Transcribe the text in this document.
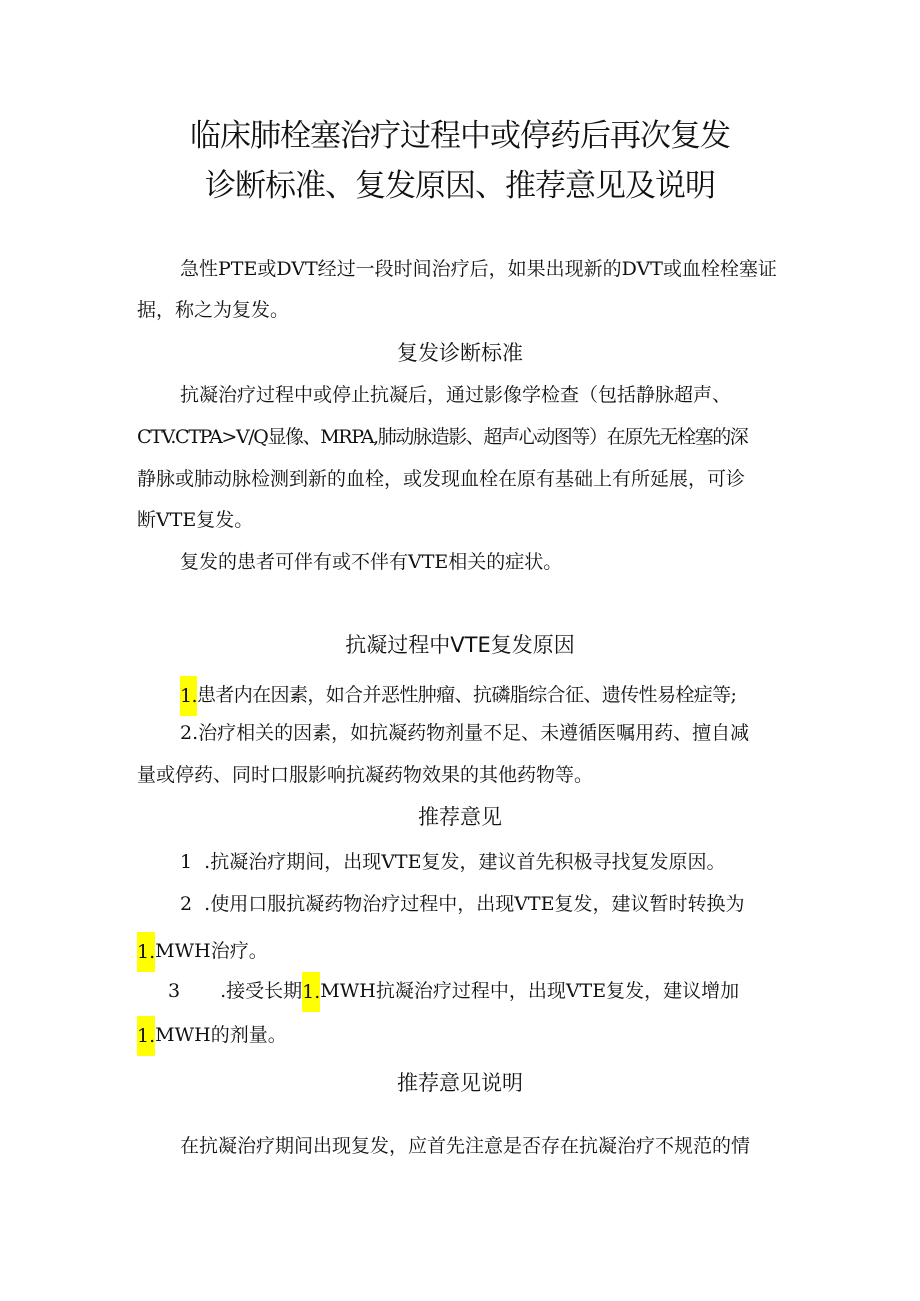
临床肺栓塞治疗过程中或停药后再次复发
诊断标准、复发原因、推荐意见及说明

急性PTE或DVT经过一段时间治疗后，如果出现新的DVT或血栓栓塞证

据，称之为复发。

复发诊断标准

抗凝治疗过程中或停止抗凝后，通过影像学检查（包括静脉超声、

CTV.CTPA>V/Q显像、MRPA,肺动脉造影、超声心动图等）在原先无栓塞的深

静脉或肺动脉检测到新的血栓，或发现血栓在原有基础上有所延展，可诊

断VTE复发。

复发的患者可伴有或不伴有VTE相关的症状。

抗凝过程中VTE复发原因

1.患者内在因素，如合并恶性肿瘤、抗磷脂综合征、遗传性易栓症等;

2.治疗相关的因素，如抗凝药物剂量不足、未遵循医嘱用药、擅自减

量或停药、同时口服影响抗凝药物效果的其他药物等。

推荐意见

1  .抗凝治疗期间，出现VTE复发，建议首先积极寻找复发原因。

2  .使用口服抗凝药物治疗过程中，出现VTE复发，建议暂时转换为

1.MWH治疗。

3 .接受长期1.MWH抗凝治疗过程中，出现VTE复发，建议增加

1.MWH的剂量。

推荐意见说明

在抗凝治疗期间出现复发，应首先注意是否存在抗凝治疗不规范的情
